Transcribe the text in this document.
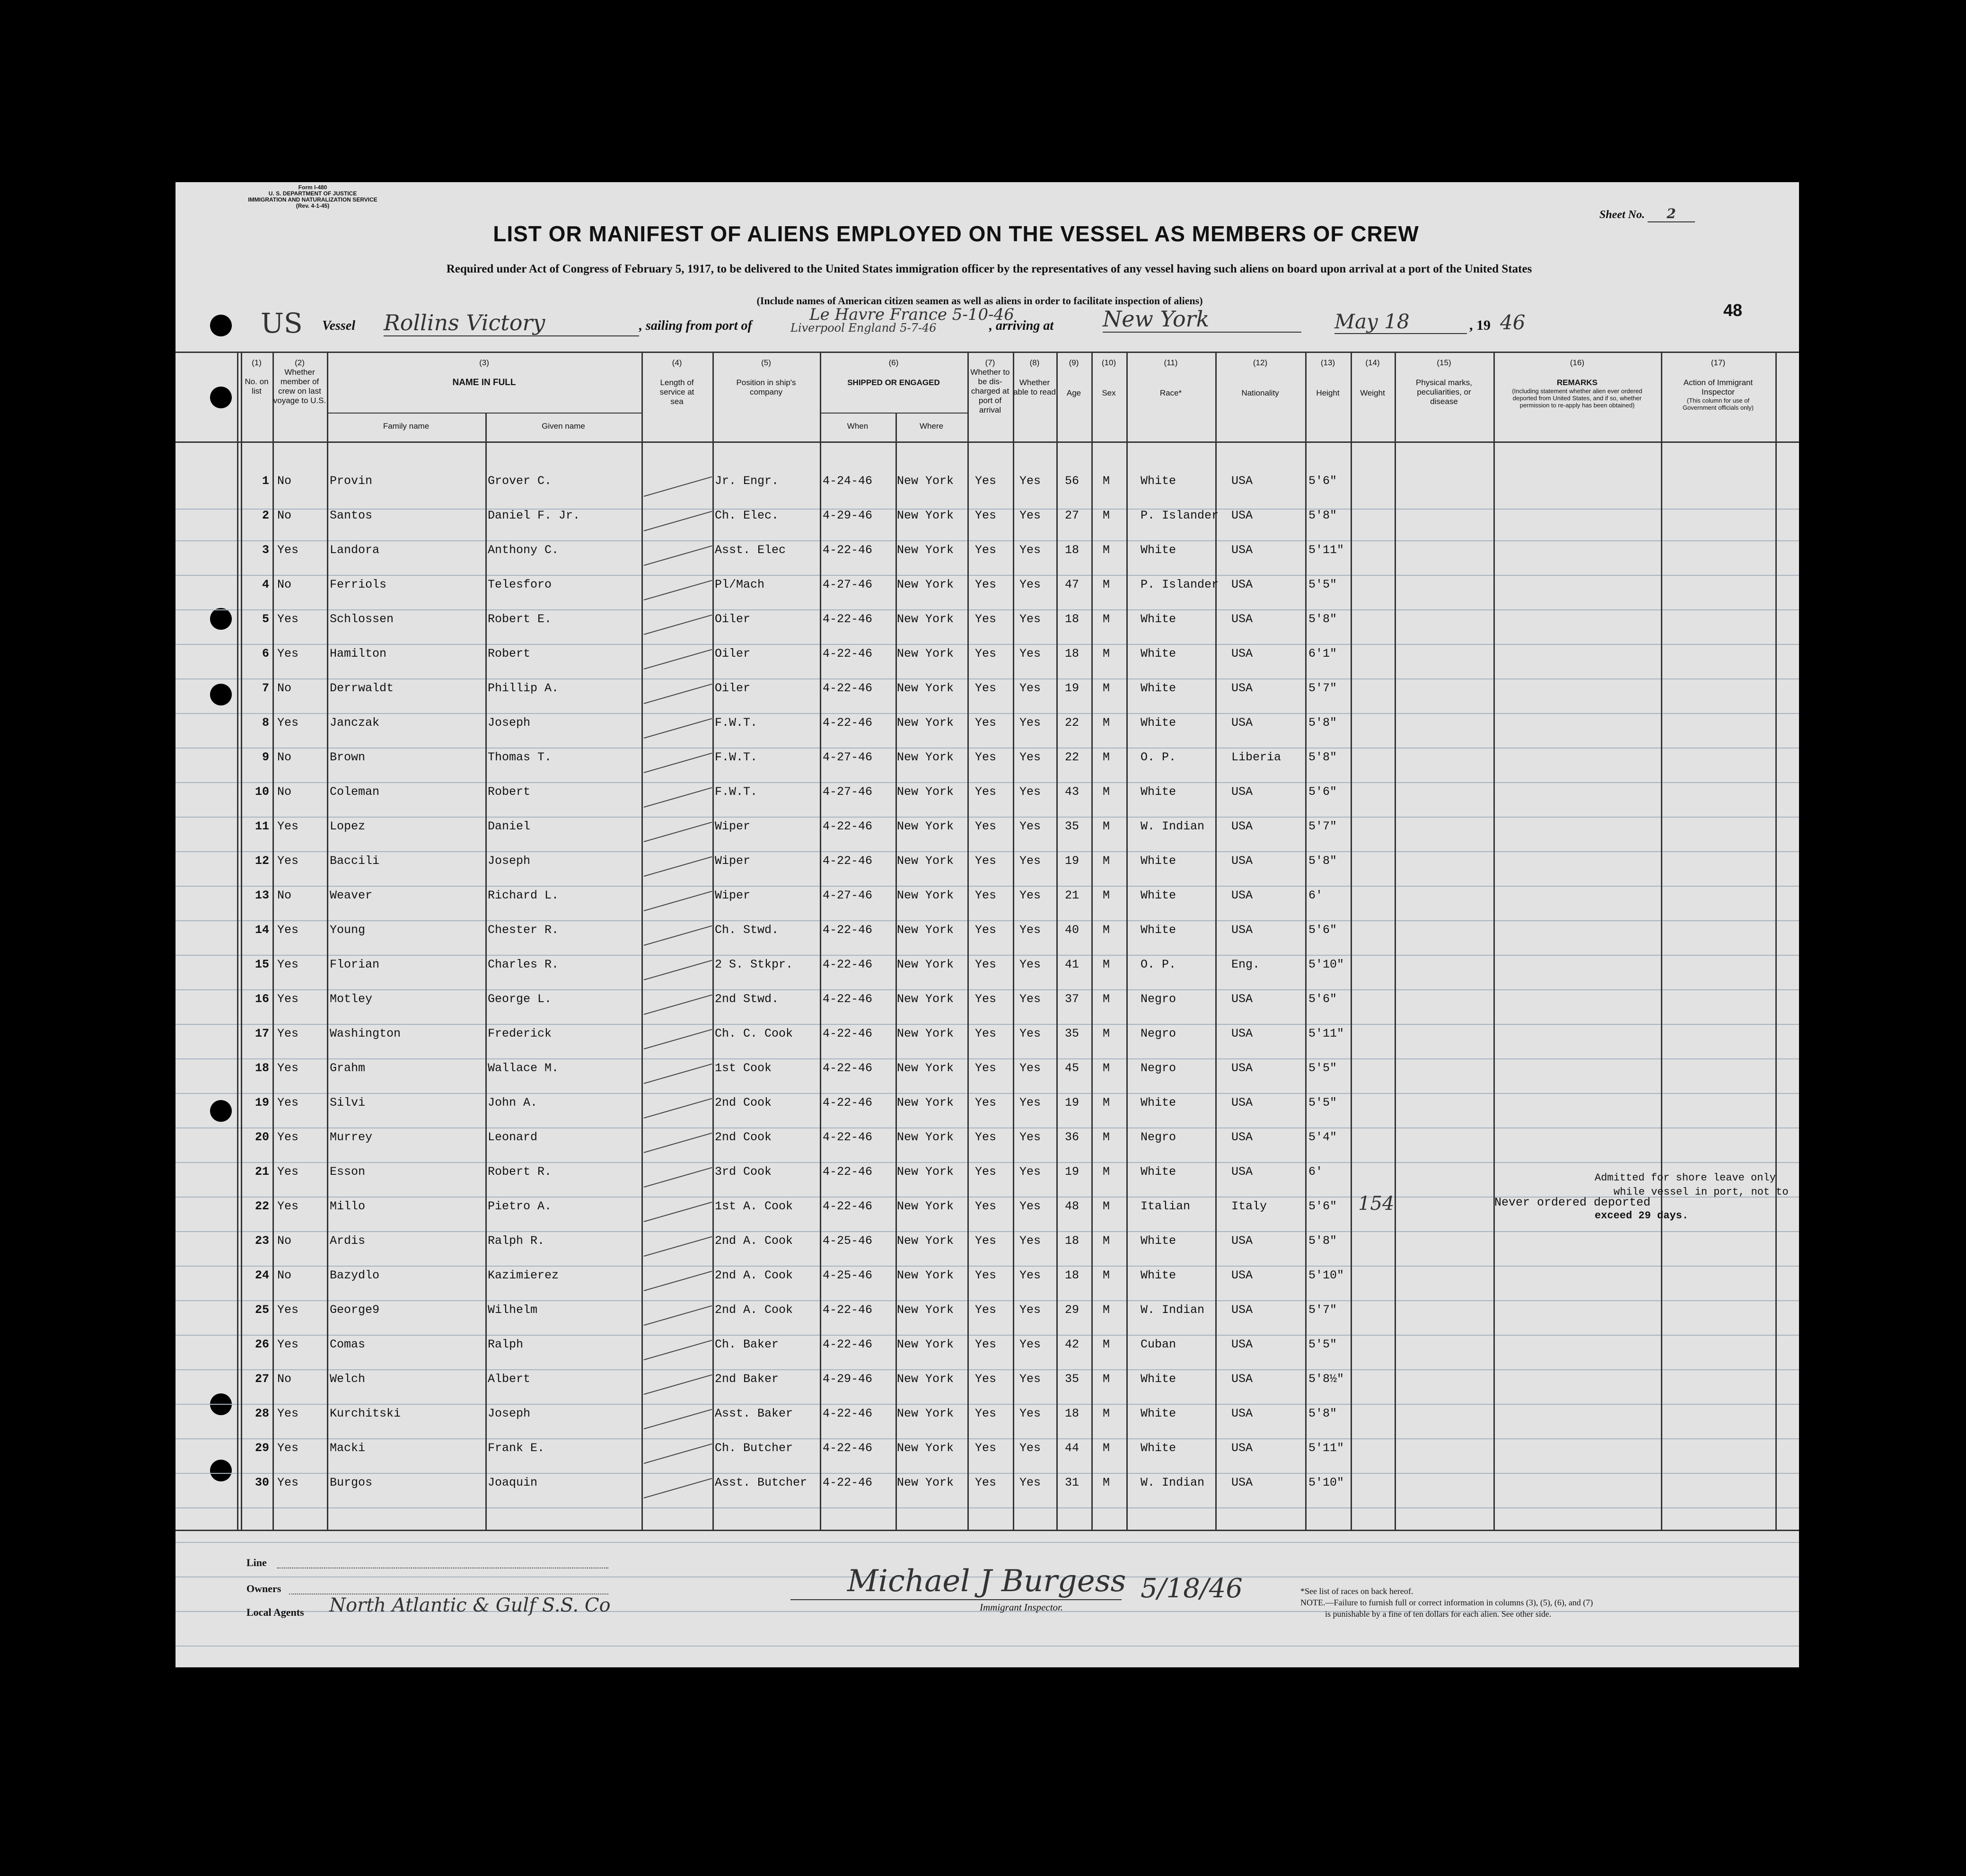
Form I-480
U. S. DEPARTMENT OF JUSTICE
IMMIGRATION AND NATURALIZATION SERVICE
(Rev. 4-1-45)
Sheet No. 2
LIST OR MANIFEST OF ALIENS EMPLOYED ON THE VESSEL AS MEMBERS OF CREW
Required under Act of Congress of February 5, 1917, to be delivered to the United States immigration officer by the representatives of any vessel having such aliens on board upon arrival at a port of the United States
(Include names of American citizen seamen as well as aliens in order to facilitate inspection of aliens)	48
US Vessel Rollins Victory	, sailing from port of
Le Havre France 5-10-46
Liverpool England 5-7-46	, arriving at New York	May 18	, 19 46
(1)
No. on list
(2)
Whether member of crew on last voyage to U.S.
(3)
NAME IN FULL
Family name	Given name
(4)
Length of service at sea
(5)
Position in ship's company
(6)
SHIPPED OR ENGAGED
When	Where
(7)
Whether to be dis-charged at port of arrival
(8)
Whether able to read
(9)
Age
(10)
Sex
(11)
Race*
(12)
Nationality
(13)
Height
(14)
Weight
(15)
Physical marks, peculiarities, or disease
(16)
REMARKS
(Including statement whether alien ever ordered deported from United States, and if so, whether permission to re-apply has been obtained)
(17)
Action of Immigrant Inspector
(This column for use of Government officials only)
1 No	Provin	Grover C.	Jr. Engr.	4-24-46 New York Yes Yes 56 M	White	USA	5'6"
2 No	Santos	Daniel F. Jr.	Ch. Elec.	4-29-46 New York Yes Yes 27 M	P. Islander USA	5'8"
3 Yes	Landora	Anthony C.	Asst. Elec	4-22-46 New York Yes Yes 18 M	White	USA	5'11"
4 No	Ferriols	Telesforo	Pl/Mach	4-27-46 New York Yes Yes 47 M	P. Islander USA	5'5"
5 Yes	Schlossen	Robert E.	Oiler	4-22-46 New York Yes Yes 18 M	White	USA	5'8"
6 Yes	Hamilton	Robert	Oiler	4-22-46 New York Yes Yes 18 M	White	USA	6'1"
7 No	Derrwaldt	Phillip A.	Oiler	4-22-46 New York Yes Yes 19 M	White	USA	5'7"
8 Yes	Janczak	Joseph	F.W.T.	4-22-46 New York Yes Yes 22 M	White	USA	5'8"
9 No	Brown	Thomas T.	F.W.T.	4-27-46 New York Yes Yes 22 M	O. P.	Liberia 5'8"
10 No	Coleman	Robert	F.W.T.	4-27-46 New York Yes Yes 43 M	White	USA	5'6"
11 Yes	Lopez	Daniel	Wiper	4-22-46 New York Yes Yes 35 M	W. Indian USA	5'7"
12 Yes	Baccili	Joseph	Wiper	4-22-46 New York Yes Yes 19 M	White	USA	5'8"
13 No	Weaver	Richard L.	Wiper	4-27-46 New York Yes Yes 21 M	White	USA	6'
14 Yes	Young	Chester R.	Ch. Stwd.	4-22-46 New York Yes Yes 40 M	White	USA	5'6"
15 Yes	Florian	Charles R.	2 S. Stkpr.	4-22-46 New York Yes Yes 41 M	O. P.	Eng.	5'10"
16 Yes	Motley	George L.	2nd Stwd.	4-22-46 New York Yes Yes 37 M	Negro	USA	5'6"
17 Yes	Washington	Frederick	Ch. C. Cook	4-22-46 New York Yes Yes 35 M	Negro	USA	5'11"
18 Yes	Grahm	Wallace M.	1st Cook	4-22-46 New York Yes Yes 45 M	Negro	USA	5'5"
19 Yes	Silvi	John A.	2nd Cook	4-22-46 New York Yes Yes 19 M	White	USA	5'5"
20 Yes	Murrey	Leonard	2nd Cook	4-22-46 New York Yes Yes 36 M	Negro	USA	5'4"
21 Yes	Esson	Robert R.	3rd Cook	4-22-46 New York Yes Yes 19 M	White	USA	6'
22 Yes	Millo	Pietro A.	1st A. Cook	4-22-46 New York Yes Yes 48 M	Italian	Italy	5'6"
23 No	Ardis	Ralph R.	2nd A. Cook	4-25-46 New York Yes Yes 18 M	White	USA	5'8"
24 No	Bazydlo	Kazimierez	2nd A. Cook	4-25-46 New York Yes Yes 18 M	White	USA	5'10"
25 Yes	George9	Wilhelm	2nd A. Cook	4-22-46 New York Yes Yes 29 M	W. Indian USA	5'7"
26 Yes	Comas	Ralph	Ch. Baker	4-22-46 New York Yes Yes 42 M	Cuban	USA	5'5"
27 No	Welch	Albert	2nd Baker	4-29-46 New York Yes Yes 35 M	White	USA	5'8½"
28 Yes	Kurchitski	Joseph	Asst. Baker	4-22-46 New York Yes Yes 18 M	White	USA	5'8"
29 Yes	Macki	Frank E.	Ch. Butcher	4-22-46 New York Yes Yes 44 M	White	USA	5'11"
30 Yes	Burgos	Joaquin	Asst. Butcher 4-22-46 New York Yes Yes 31 M	W. Indian USA	5'10"
154	Never ordered deported
Admitted for shore leave only
while vessel in port, not to
exceed 29 days.
Line
Owners
Local Agents North Atlantic & Gulf S.S. Co
Michael J Burgess 5/18/46
Immigrant Inspector.
*See list of races on back hereof.
NOTE.—Failure to furnish full or correct information in columns (3), (5), (6), and (7)
is punishable by a fine of ten dollars for each alien. See other side.
